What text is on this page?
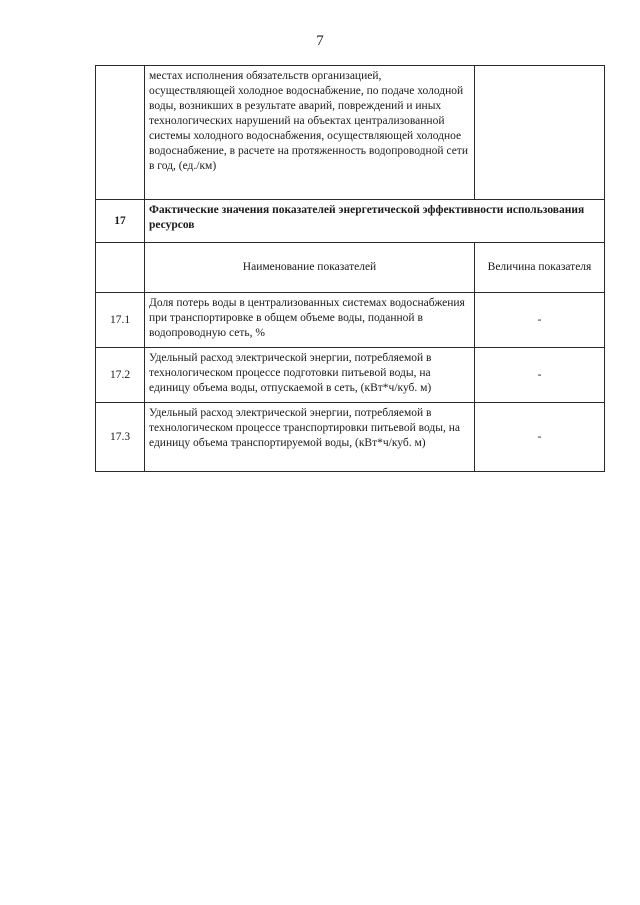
7
	местах исполнения обязательств организацией, осуществляющей холодное водоснабжение, по подаче холодной воды, возникших в результате аварий, повреждений и иных технологических нарушений на объектах централизованной системы холодного водоснабжения, осуществляющей холодное водоснабжение, в расчете на протяженность водопроводной сети в год, (ед./км)	
17	Фактические значения показателей энергетической эффективности использования ресурсов	
	Наименование показателей	Величина показателя
17.1	Доля потерь воды в централизованных системах водоснабжения при транспортировке в общем объеме воды, поданной в водопроводную сеть, %	-
17.2	Удельный расход электрической энергии, потребляемой в технологическом процессе подготовки питьевой воды, на единицу объема воды, отпускаемой в сеть, (кВт*ч/куб. м)	-
17.3	Удельный расход электрической энергии, потребляемой в технологическом процессе транспортировки питьевой воды, на единицу объема транспортируемой воды, (кВт*ч/куб. м)	-
